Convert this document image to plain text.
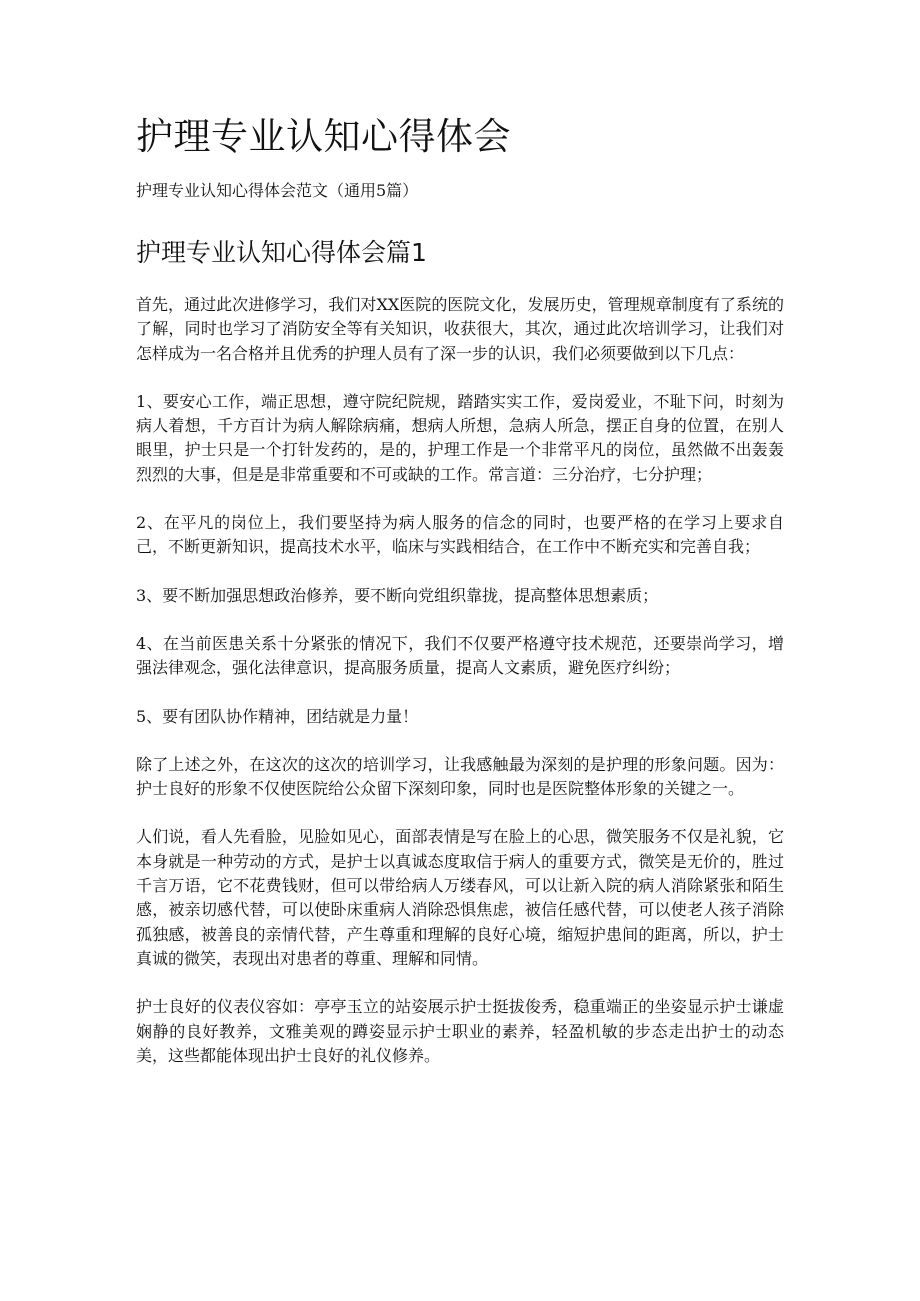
护理专业认知心得体会

护理专业认知心得体会范文（通用5篇）

护理专业认知心得体会篇1

首先，通过此次进修学习，我们对XX医院的医院文化，发展历史，管理规章制度有了系统的了解，同时也学习了消防安全等有关知识，收获很大，其次，通过此次培训学习，让我们对怎样成为一名合格并且优秀的护理人员有了深一步的认识，我们必须要做到以下几点：

1、要安心工作，端正思想，遵守院纪院规，踏踏实实工作，爱岗爱业，不耻下问，时刻为病人着想，千方百计为病人解除病痛，想病人所想，急病人所急，摆正自身的位置，在别人眼里，护士只是一个打针发药的，是的，护理工作是一个非常平凡的岗位，虽然做不出轰轰烈烈的大事，但是是非常重要和不可或缺的工作。常言道：三分治疗，七分护理；

2、在平凡的岗位上，我们要坚持为病人服务的信念的同时，也要严格的在学习上要求自己，不断更新知识，提高技术水平，临床与实践相结合，在工作中不断充实和完善自我；

3、要不断加强思想政治修养，要不断向党组织靠拢，提高整体思想素质；

4、在当前医患关系十分紧张的情况下，我们不仅要严格遵守技术规范，还要崇尚学习，增强法律观念，强化法律意识，提高服务质量，提高人文素质，避免医疗纠纷；

5、要有团队协作精神，团结就是力量！

除了上述之外，在这次的这次的培训学习，让我感触最为深刻的是护理的形象问题。因为：护士良好的形象不仅使医院给公众留下深刻印象，同时也是医院整体形象的关键之一。

人们说，看人先看脸，见脸如见心，面部表情是写在脸上的心思，微笑服务不仅是礼貌，它本身就是一种劳动的方式，是护士以真诚态度取信于病人的重要方式，微笑是无价的，胜过千言万语，它不花费钱财，但可以带给病人万缕春风，可以让新入院的病人消除紧张和陌生感，被亲切感代替，可以使卧床重病人消除恐惧焦虑，被信任感代替，可以使老人孩子消除孤独感，被善良的亲情代替，产生尊重和理解的良好心境，缩短护患间的距离，所以，护士真诚的微笑，表现出对患者的尊重、理解和同情。

护士良好的仪表仪容如：亭亭玉立的站姿展示护士挺拔俊秀，稳重端正的坐姿显示护士谦虚娴静的良好教养，文雅美观的蹲姿显示护士职业的素养，轻盈机敏的步态走出护士的动态美，这些都能体现出护士良好的礼仪修养。
